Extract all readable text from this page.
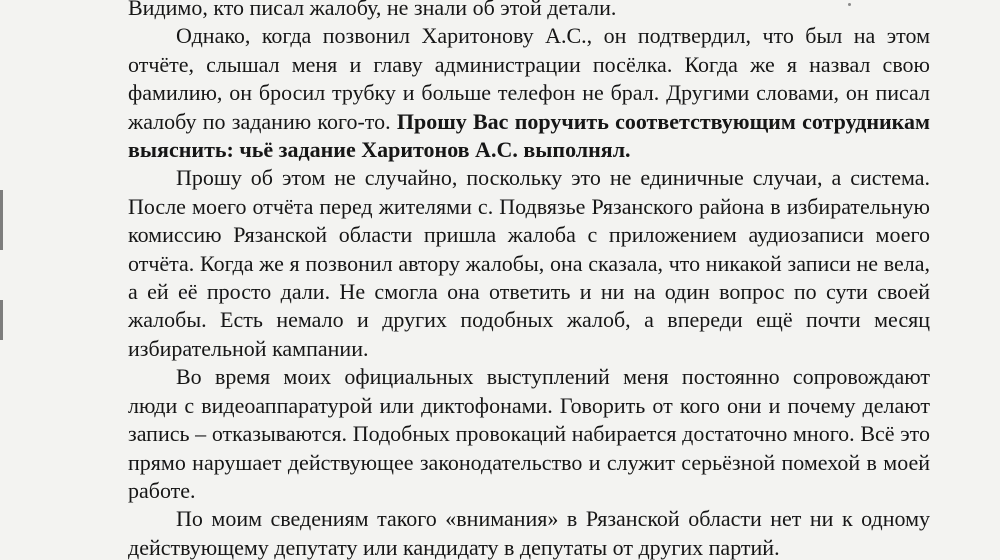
Видимо, кто писал жалобу, не знали об этой детали.

Однако, когда позвонил Харитонову А.С., он подтвердил, что был на этом отчёте, слышал меня и главу администрации посёлка. Когда же я назвал свою фамилию, он бросил трубку и больше телефон не брал. Другими словами, он писал жалобу по заданию кого-то. Прошу Вас поручить соответствующим сотрудникам выяснить: чьё задание Харитонов А.С. выполнял.

Прошу об этом не случайно, поскольку это не единичные случаи, а система. После моего отчёта перед жителями с. Подвязье Рязанского района в избирательную комиссию Рязанской области пришла жалоба с приложением аудиозаписи моего отчёта. Когда же я позвонил автору жалобы, она сказала, что никакой записи не вела, а ей её просто дали. Не смогла она ответить и ни на один вопрос по сути своей жалобы. Есть немало и других подобных жалоб, а впереди ещё почти месяц избирательной кампании.

Во время моих официальных выступлений меня постоянно сопровождают люди с видеоаппаратурой или диктофонами. Говорить от кого они и почему делают запись – отказываются. Подобных провокаций набирается достаточно много. Всё это прямо нарушает действующее законодательство и служит серьёзной помехой в моей работе.

По моим сведениям такого «внимания» в Рязанской области нет ни к одному действующему депутату или кандидату в депутаты от других партий.
